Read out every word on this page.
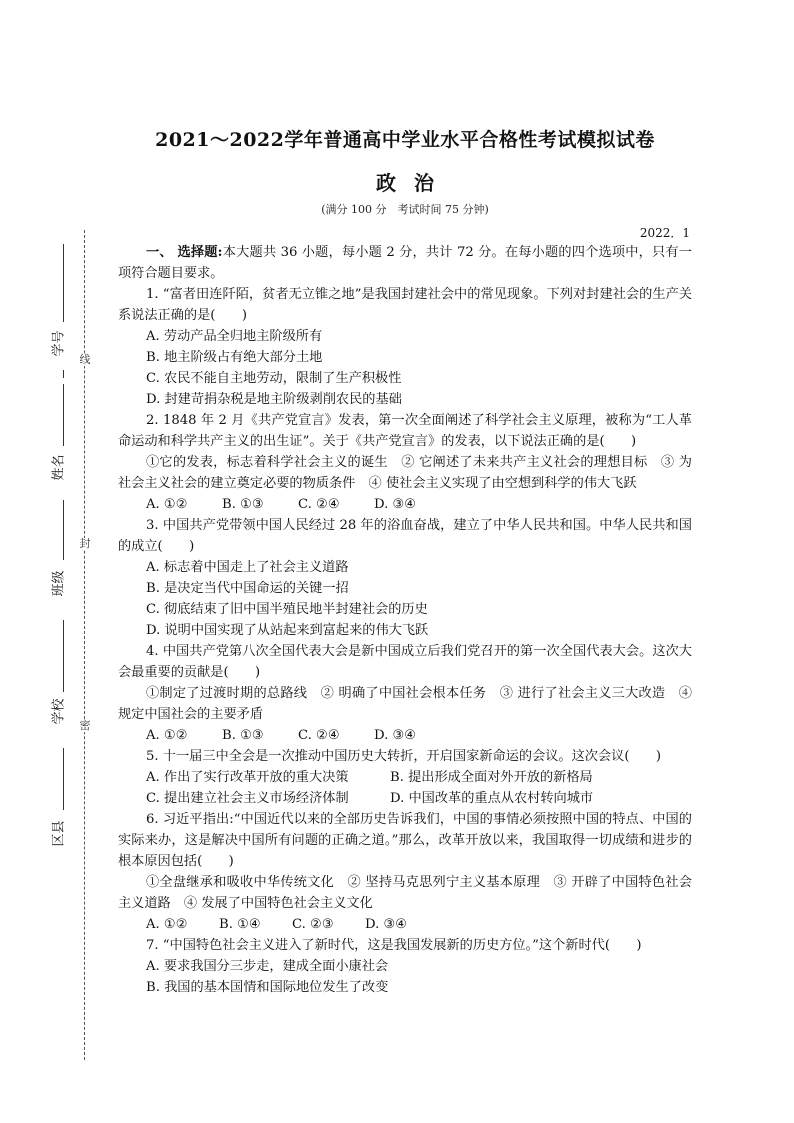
线
封
密
学号
姓名
班级
学校
区县
2021～2022学年普通高中学业水平合格性考试模拟试卷
政治
(满分 100 分　考试时间 75 分钟)
2022．1

一、 选择题:本大题共 36 小题，每小题 2 分，共计 72 分。在每小题的四个选项中，只有一项符合题目要求。

1. “富者田连阡陌，贫者无立锥之地”是我国封建社会中的常见现象。下列对封建社会的生产关系说法正确的是(　　)

A. 劳动产品全归地主阶级所有

B. 地主阶级占有绝大部分土地

C. 农民不能自主地劳动，限制了生产积极性

D. 封建苛捐杂税是地主阶级剥削农民的基础

2. 1848 年 2 月《共产党宣言》发表，第一次全面阐述了科学社会主义原理，被称为“工人革命运动和科学共产主义的出生证”。关于《共产党宣言》的发表，以下说法正确的是(　　)

①它的发表，标志着科学社会主义的诞生　② 它阐述了未来共产主义社会的理想目标　③ 为社会主义社会的建立奠定必要的物质条件　④ 使社会主义实现了由空想到科学的伟大飞跃

A. ①②	B. ①③	C. ②④	D. ③④

3. 中国共产党带领中国人民经过 28 年的浴血奋战，建立了中华人民共和国。中华人民共和国的成立(　　)

A. 标志着中国走上了社会主义道路

B. 是决定当代中国命运的关键一招

C. 彻底结束了旧中国半殖民地半封建社会的历史

D. 说明中国实现了从站起来到富起来的伟大飞跃

4. 中国共产党第八次全国代表大会是新中国成立后我们党召开的第一次全国代表大会。这次大会最重要的贡献是(　　)

①制定了过渡时期的总路线　② 明确了中国社会根本任务　③ 进行了社会主义三大改造　④ 规定中国社会的主要矛盾

A. ①②	B. ①③	C. ②④	D. ③④

5. 十一届三中全会是一次推动中国历史大转折，开启国家新命运的会议。这次会议(　　)

A. 作出了实行改革开放的重大决策	B. 提出形成全面对外开放的新格局
C. 提出建立社会主义市场经济体制	D. 中国改革的重点从农村转向城市

6. 习近平指出:“中国近代以来的全部历史告诉我们，中国的事情必须按照中国的特点、中国的实际来办，这是解决中国所有问题的正确之道。”那么，改革开放以来，我国取得一切成绩和进步的根本原因包括(　　)

①全盘继承和吸收中华传统文化　② 坚持马克思列宁主义基本原理　③ 开辟了中国特色社会主义道路　④ 发展了中国特色社会主义文化

A. ①②	B. ①④	C. ②③	D. ③④

7. “中国特色社会主义进入了新时代，这是我国发展新的历史方位。”这个新时代(　　)

A. 要求我国分三步走，建成全面小康社会

B. 我国的基本国情和国际地位发生了改变
